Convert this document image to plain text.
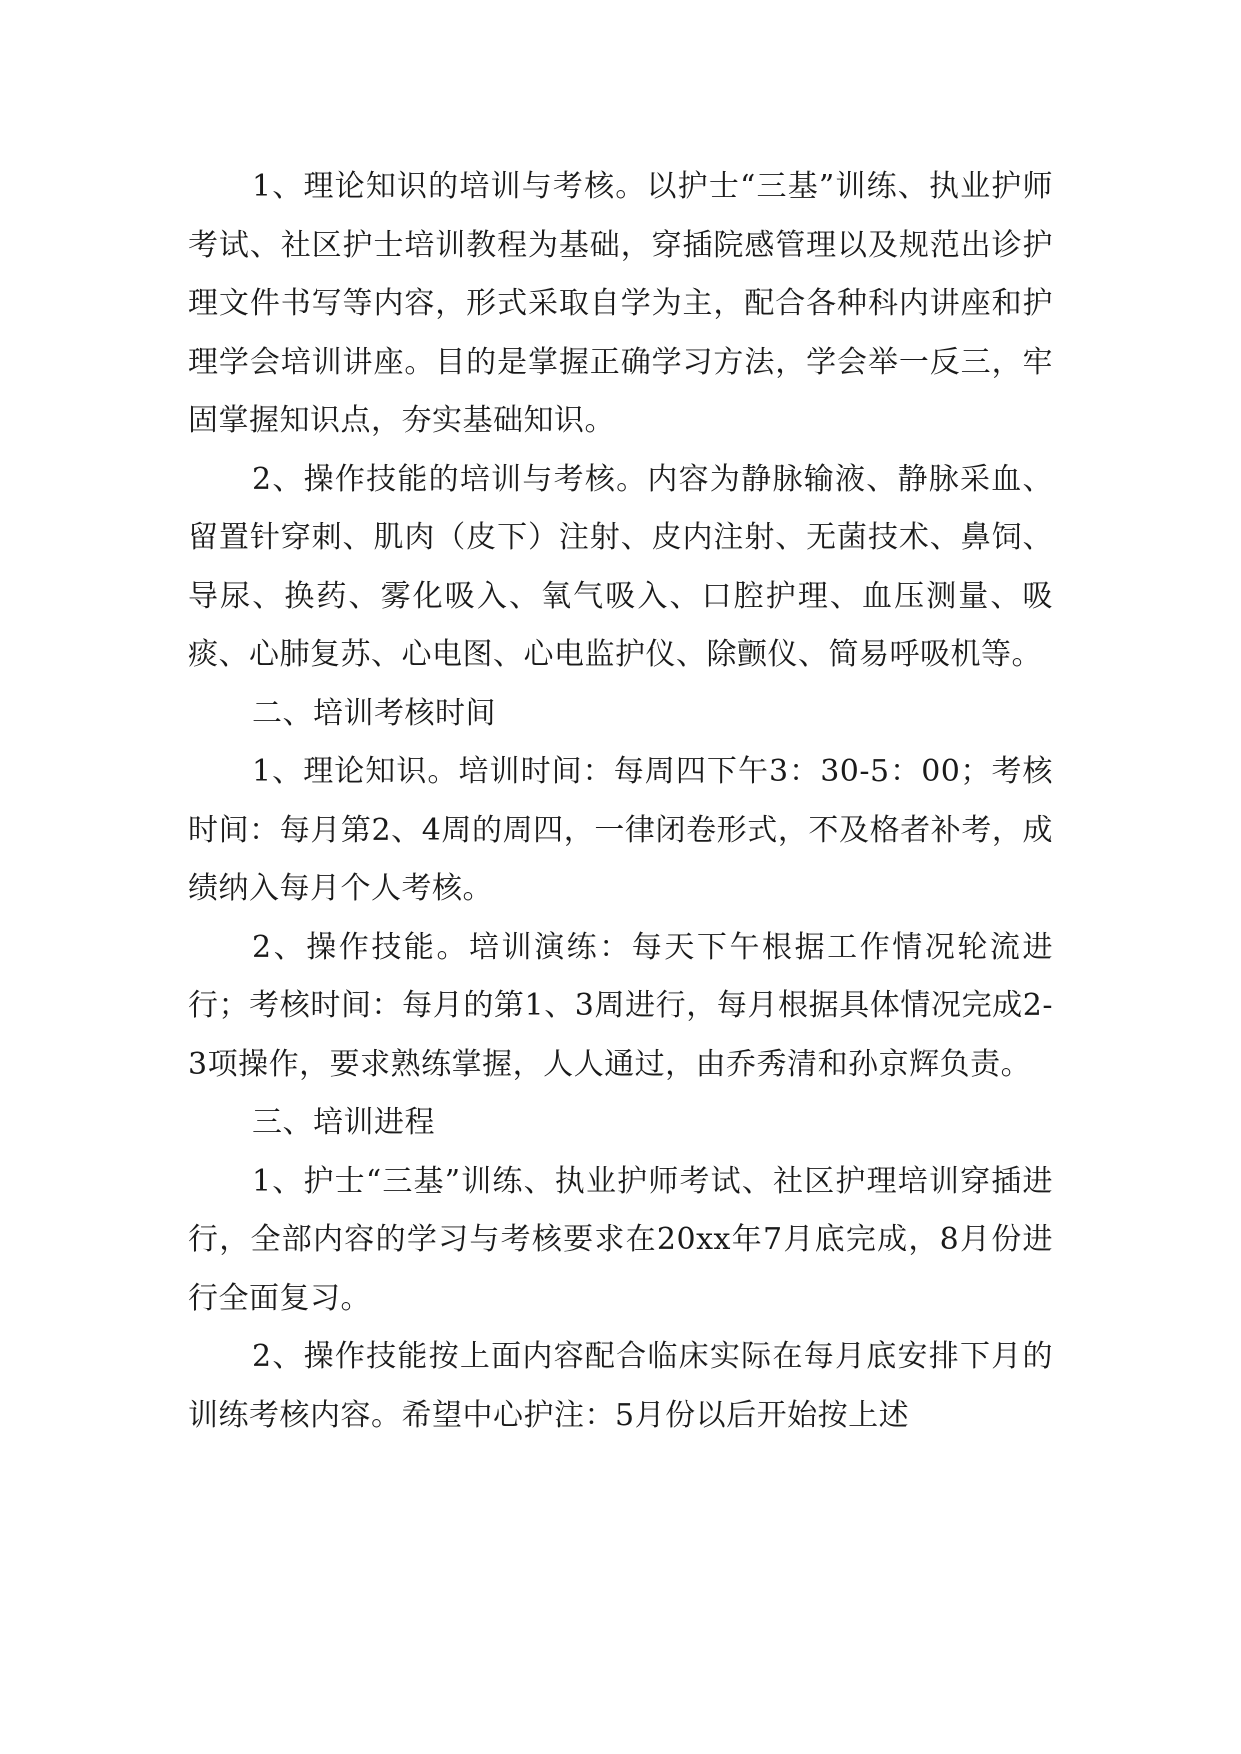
1、理论知识的培训与考核。以护士“三基”训练、执业护师考试、社区护士培训教程为基础，穿插院感管理以及规范出诊护理文件书写等内容，形式采取自学为主，配合各种科内讲座和护理学会培训讲座。目的是掌握正确学习方法，学会举一反三，牢固掌握知识点，夯实基础知识。

2、操作技能的培训与考核。内容为静脉输液、静脉采血、留置针穿刺、肌肉（皮下）注射、皮内注射、无菌技术、鼻饲、导尿、换药、雾化吸入、氧气吸入、口腔护理、血压测量、吸痰、心肺复苏、心电图、心电监护仪、除颤仪、简易呼吸机等。

二、培训考核时间

1、理论知识。培训时间：每周四下午3：30-5：00；考核时间：每月第2、4周的周四，一律闭卷形式，不及格者补考，成绩纳入每月个人考核。

2、操作技能。培训演练：每天下午根据工作情况轮流进行；考核时间：每月的第1、3周进行，每月根据具体情况完成2-3项操作，要求熟练掌握，人人通过，由乔秀清和孙京辉负责。

三、培训进程

1、护士“三基”训练、执业护师考试、社区护理培训穿插进行，全部内容的学习与考核要求在20xx年7月底完成，8月份进行全面复习。

2、操作技能按上面内容配合临床实际在每月底安排下月的训练考核内容。希望中心护注：5月份以后开始按上述
